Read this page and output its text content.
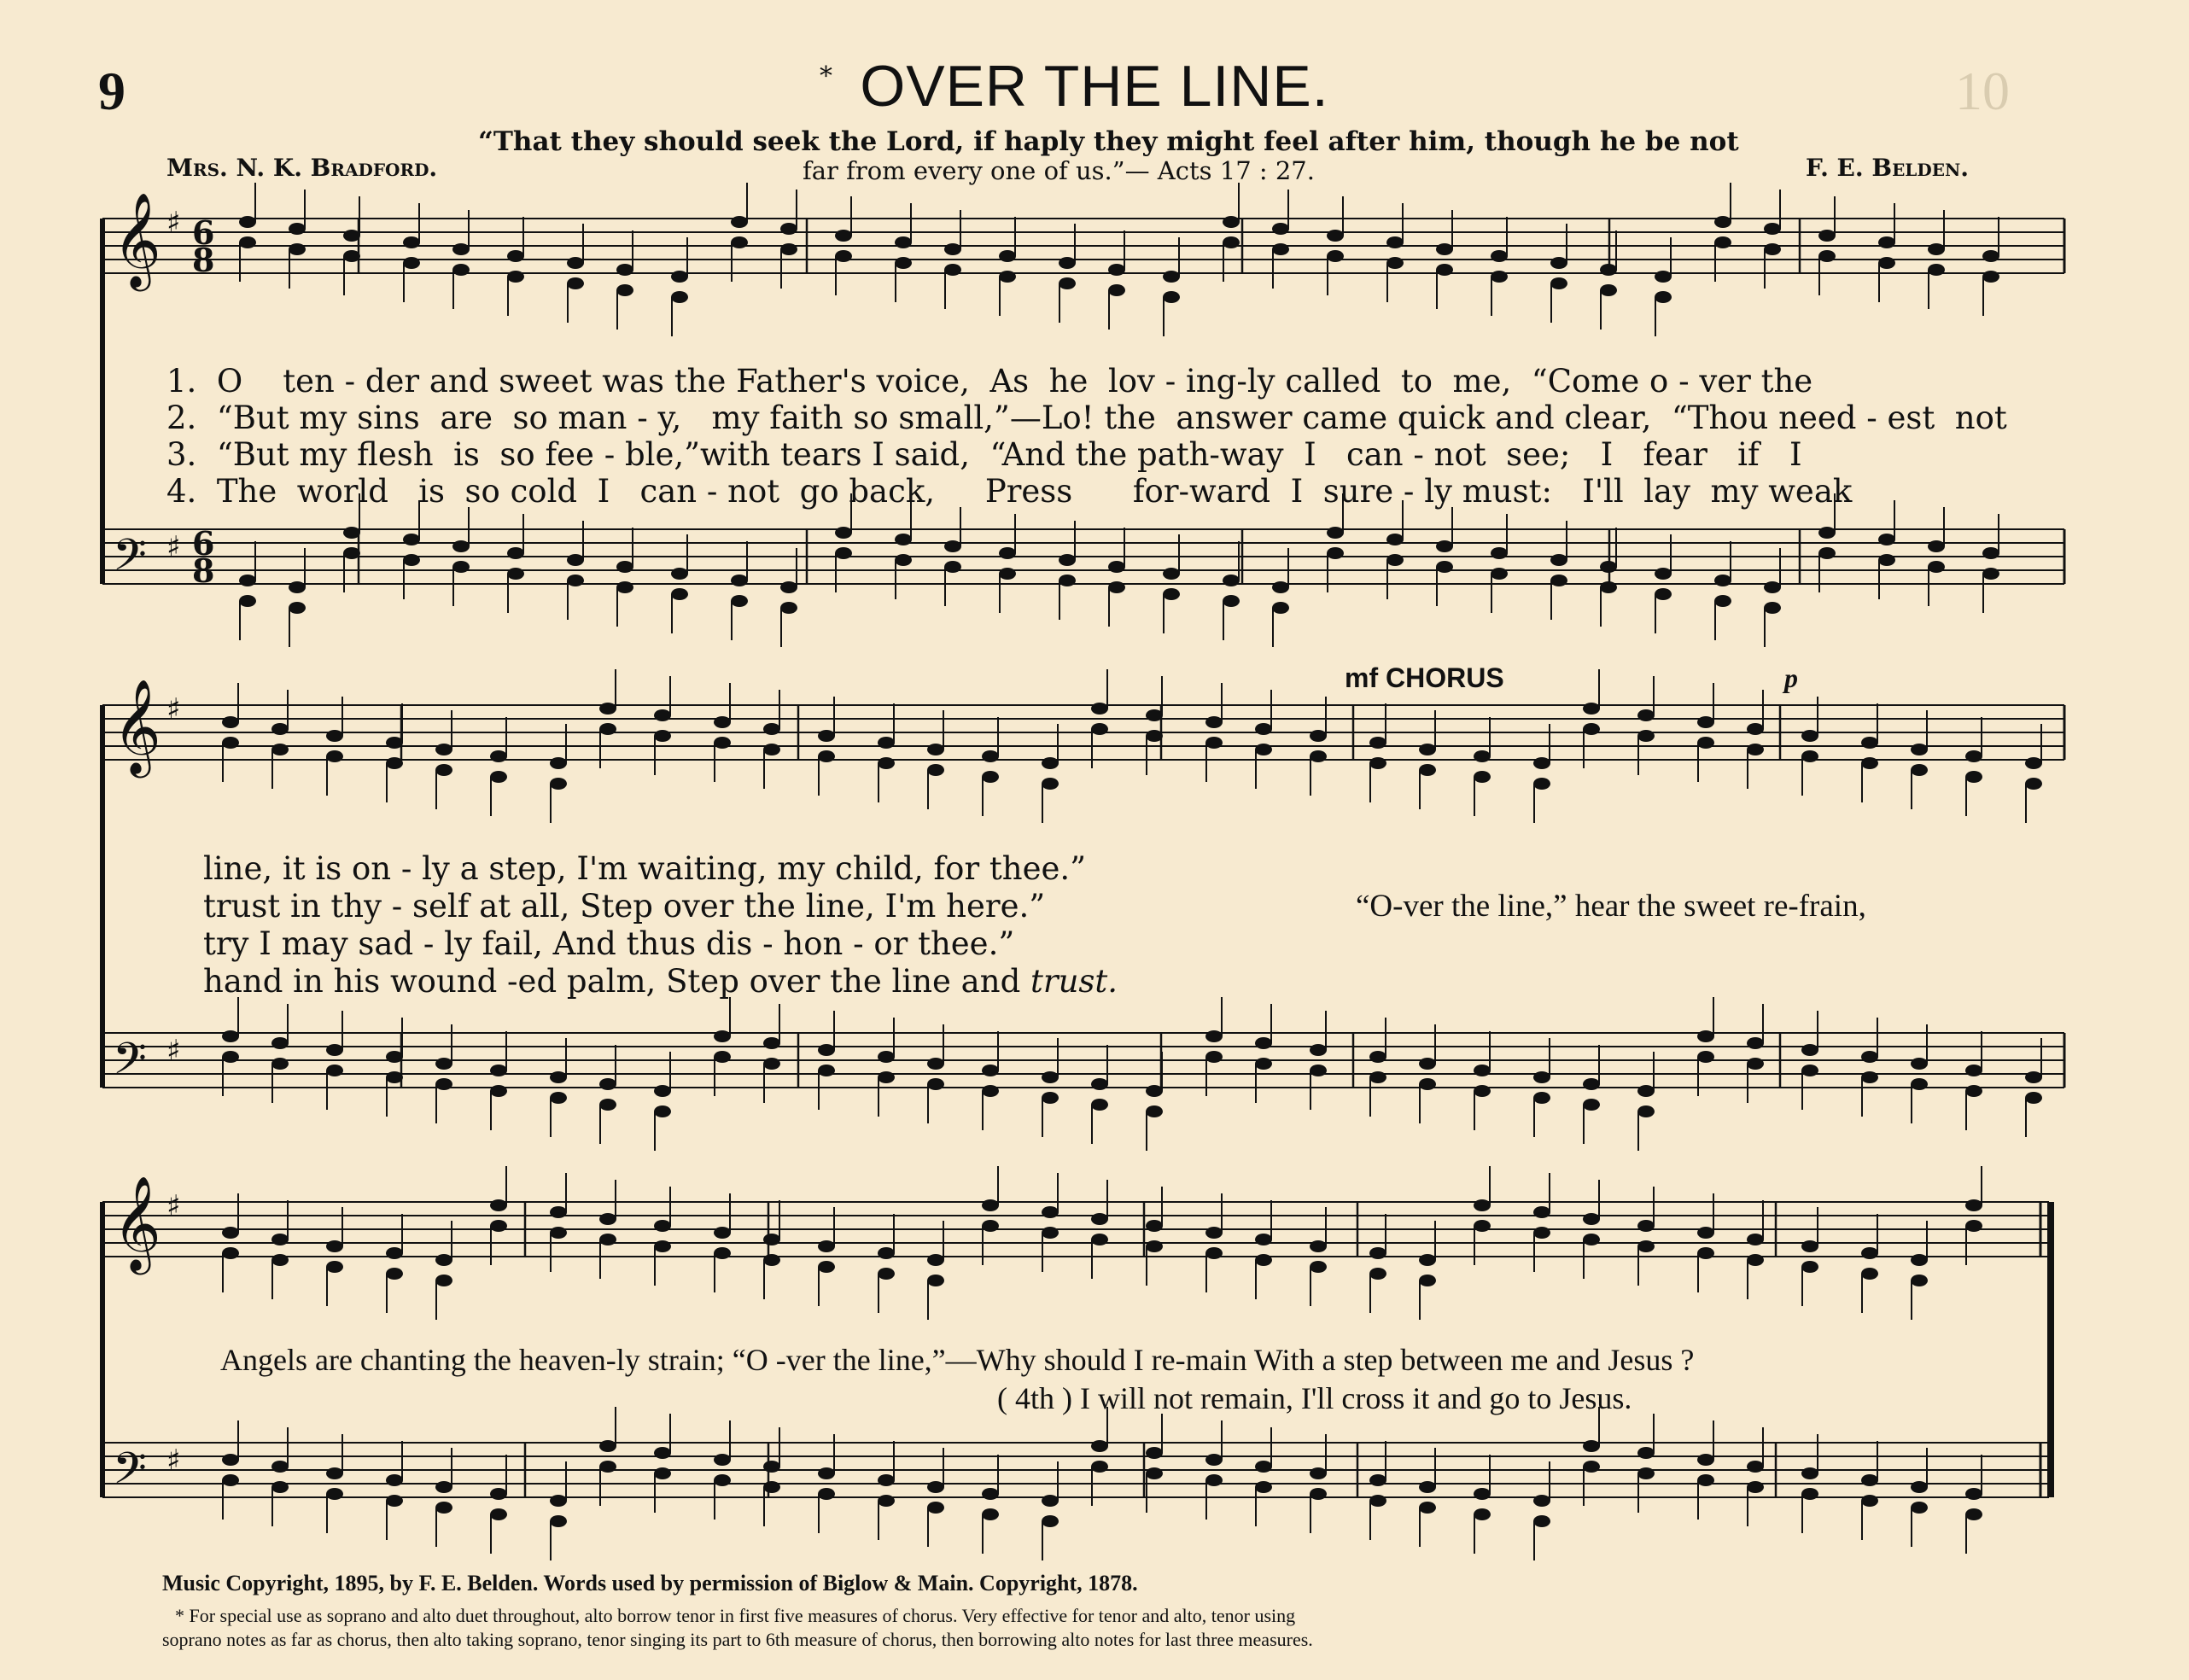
9	10
* OVER THE LINE.
“That they should seek the Lord, if haply they might feel after him, though he be not
far from every one of us.”— Acts 17 : 27.
Mrs. N. K. Bradford.	F. E. Belden.
𝄞 ♯ 6
8
𝄢 ♯ 6
8
𝄞 ♯
𝄢 ♯
𝄞 ♯
𝄢 ♯
1.
O    ten - der and sweet was the Father's voice,  As  he  lov - ing-ly called  to  me,  “Come o - ver the
2.
“But my sins  are  so man - y,   my faith so small,”—Lo! the  answer came quick and clear,  “Thou need - est  not
3.
“But my flesh  is  so fee - ble,”with tears I said,  “And the path-way  I   can - not  see;   I   fear   if   I
4.
The  world   is  so cold  I   can - not  go back,     Press      for-ward  I  sure - ly must:   I'll  lay  my weak
line, it is on - ly a step, I'm waiting, my child, for thee.”
trust in thy - self at all, Step over the line, I'm here.”
try I may sad - ly fail, And thus dis - hon - or thee.”
hand in his wound -ed palm, Step over the line and trust.
mf CHORUS	p
“O-ver the line,” hear the sweet re-frain,
Angels are chanting the heaven-ly strain; “O -ver the line,”—Why should I re-main With a step between me and Jesus ?
( 4th ) I will not remain, I'll cross it and go to Jesus.
Music Copyright, 1895, by F. E. Belden. Words used by permission of Biglow & Main. Copyright, 1878.
* For special use as soprano and alto duet throughout, alto borrow tenor in first five measures of chorus. Very effective for tenor and alto, tenor using
soprano notes as far as chorus, then alto taking soprano, tenor singing its part to 6th measure of chorus, then borrowing alto notes for last three measures.
